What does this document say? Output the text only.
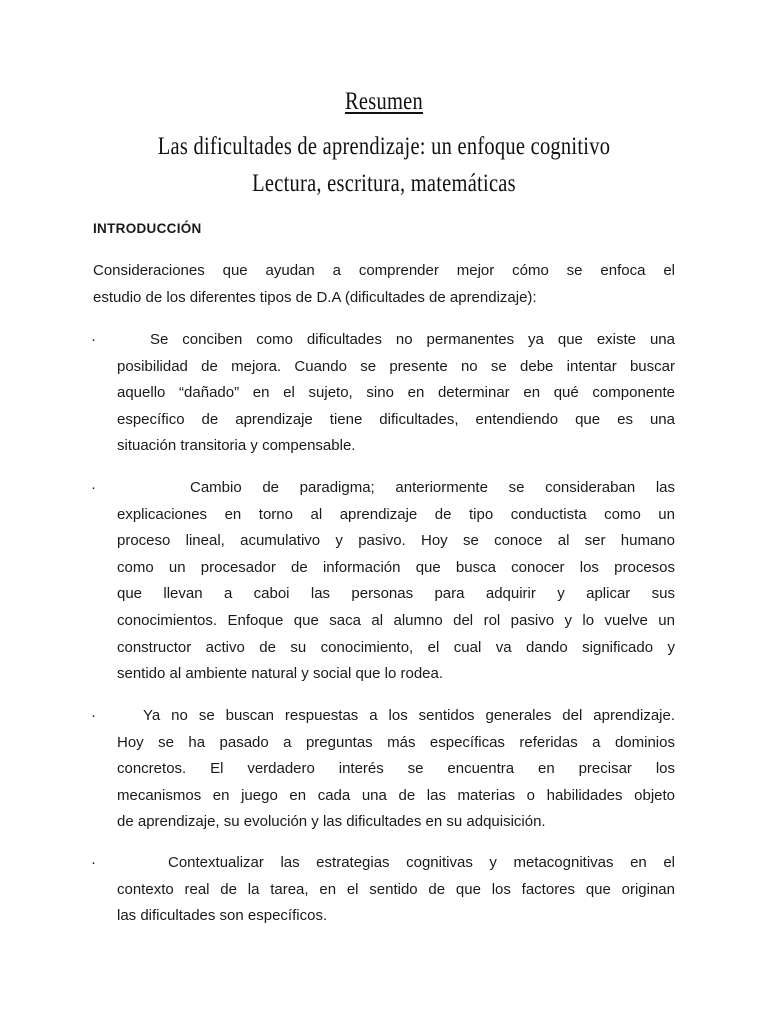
Resumen
Las dificultades de aprendizaje: un enfoque cognitivo
Lectura, escritura, matemáticas
INTRODUCCIÓN
Consideraciones que ayudan a comprender mejor cómo se enfoca el
estudio de los diferentes tipos de D.A (dificultades de aprendizaje):
·	Se conciben como dificultades no permanentes ya que existe una
posibilidad de mejora. Cuando se presente no se debe intentar buscar
aquello “dañado” en el sujeto, sino en determinar en qué componente
específico de aprendizaje tiene dificultades, entendiendo que es una
situación transitoria y compensable.
·	Cambio de paradigma; anteriormente se consideraban las
explicaciones en torno al aprendizaje de tipo conductista como un
proceso lineal, acumulativo y pasivo. Hoy se conoce al ser humano
como un procesador de información que busca conocer los procesos
que llevan a caboi las personas para adquirir y aplicar sus
conocimientos. Enfoque que saca al alumno del rol pasivo y lo vuelve un
constructor activo de su conocimiento, el cual va dando significado y
sentido al ambiente natural y social que lo rodea.
·	Ya no se buscan respuestas a los sentidos generales del aprendizaje.
Hoy se ha pasado a preguntas más específicas referidas a dominios
concretos. El verdadero interés se encuentra en precisar los
mecanismos en juego en cada una de las materias o habilidades objeto
de aprendizaje, su evolución y las dificultades en su adquisición.
·	Contextualizar las estrategias cognitivas y metacognitivas en el
contexto real de la tarea, en el sentido de que los factores que originan
las dificultades son específicos.
